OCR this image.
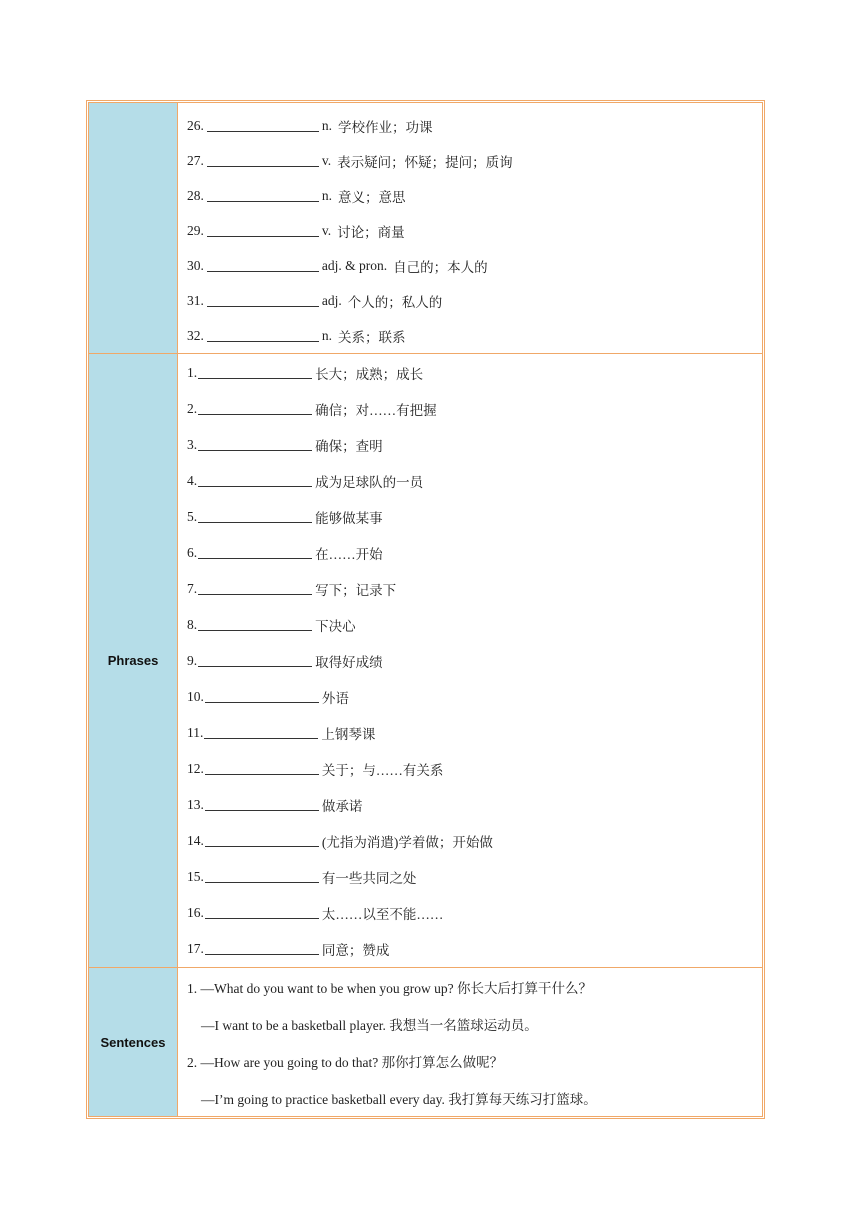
26.	n. 学校作业；功课
27.	v. 表示疑问；怀疑；提问；质询
28.	n. 意义；意思
29.	v. 讨论；商量
30.	adj. & pron. 自己的；本人的
31.	adj. 个人的；私人的
32.	n. 关系；联系
Phrases
1.	长大；成熟；成长
2.	确信；对……有把握
3.	确保；查明
4.	成为足球队的一员
5.	能够做某事
6.	在……开始
7.	写下；记录下
8.	下决心
9.	取得好成绩
10.	外语
11.	上钢琴课
12.	关于；与……有关系
13.	做承诺
14.	(尤指为消遣)学着做；开始做
15.	有一些共同之处
16.	太……以至不能……
17.	同意；赞成
Sentences
1. —What do you want to be when you grow up? 你长大后打算干什么？
—I want to be a basketball player. 我想当一名篮球运动员。
2. —How are you going to do that? 那你打算怎么做呢？
—I’m going to practice basketball every day. 我打算每天练习打篮球。
